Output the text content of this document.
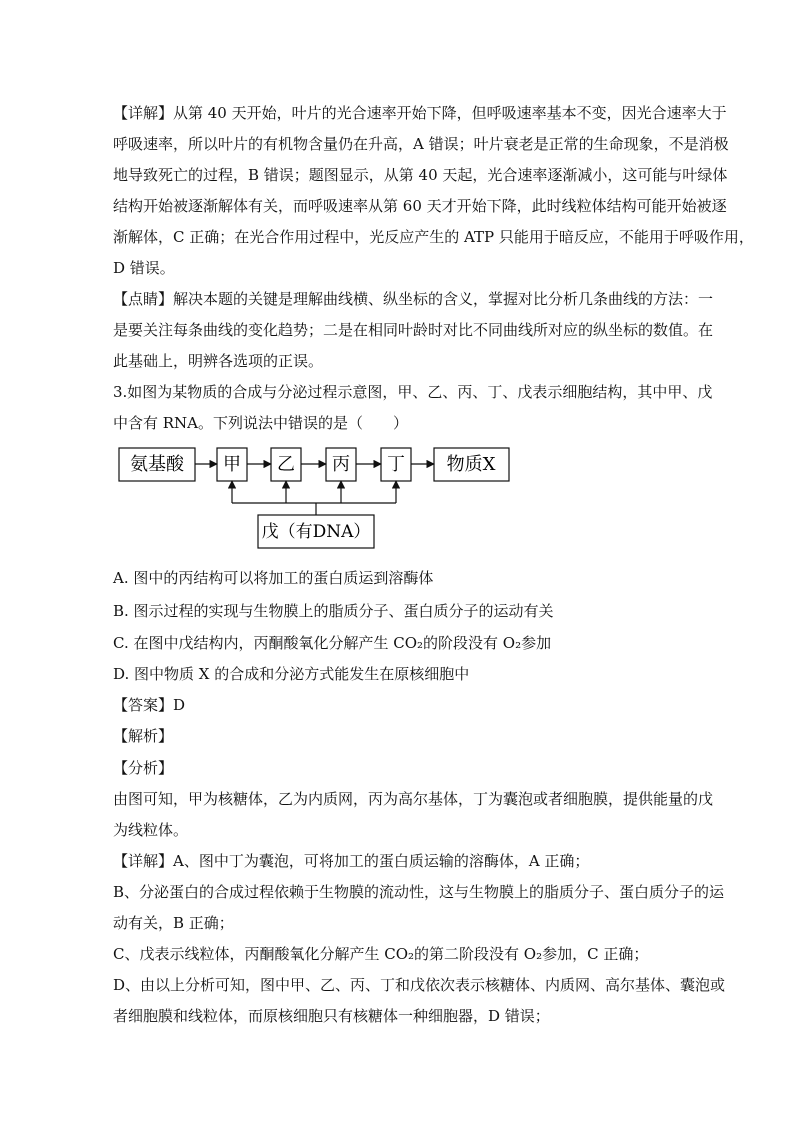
【详解】从第 40 天开始，叶片的光合速率开始下降，但呼吸速率基本不变，因光合速率大于
呼吸速率，所以叶片的有机物含量仍在升高，A 错误；叶片衰老是正常的生命现象，不是消极
地导致死亡的过程，B 错误；题图显示，从第 40 天起，光合速率逐渐减小，这可能与叶绿体
结构开始被逐渐解体有关，而呼吸速率从第 60 天才开始下降，此时线粒体结构可能开始被逐
渐解体，C 正确；在光合作用过程中，光反应产生的 ATP 只能用于暗反应，不能用于呼吸作用，
D 错误。
【点睛】解决本题的关键是理解曲线横、纵坐标的含义，掌握对比分析几条曲线的方法：一
是要关注每条曲线的变化趋势；二是在相同叶龄时对比不同曲线所对应的纵坐标的数值。在
此基础上，明辨各选项的正误。
3.如图为某物质的合成与分泌过程示意图，甲、乙、丙、丁、戊表示细胞结构，其中甲、戊
中含有 RNA。下列说法中错误的是（　　）
氨基酸 甲 乙 丙 丁 物质X
戊（有DNA）
A. 图中的丙结构可以将加工的蛋白质运到溶酶体
B. 图示过程的实现与生物膜上的脂质分子、蛋白质分子的运动有关
C. 在图中戊结构内，丙酮酸氧化分解产生 CO₂的阶段没有 O₂参加
D. 图中物质 X 的合成和分泌方式能发生在原核细胞中
【答案】D
【解析】
【分析】
由图可知，甲为核糖体，乙为内质网，丙为高尔基体，丁为囊泡或者细胞膜，提供能量的戊
为线粒体。
【详解】A、图中丁为囊泡，可将加工的蛋白质运输的溶酶体，A 正确；
B、分泌蛋白的合成过程依赖于生物膜的流动性，这与生物膜上的脂质分子、蛋白质分子的运
动有关，B 正确；
C、戊表示线粒体，丙酮酸氧化分解产生 CO₂的第二阶段没有 O₂参加，C 正确；
D、由以上分析可知，图中甲、乙、丙、丁和戊依次表示核糖体、内质网、高尔基体、囊泡或
者细胞膜和线粒体，而原核细胞只有核糖体一种细胞器，D 错误；
